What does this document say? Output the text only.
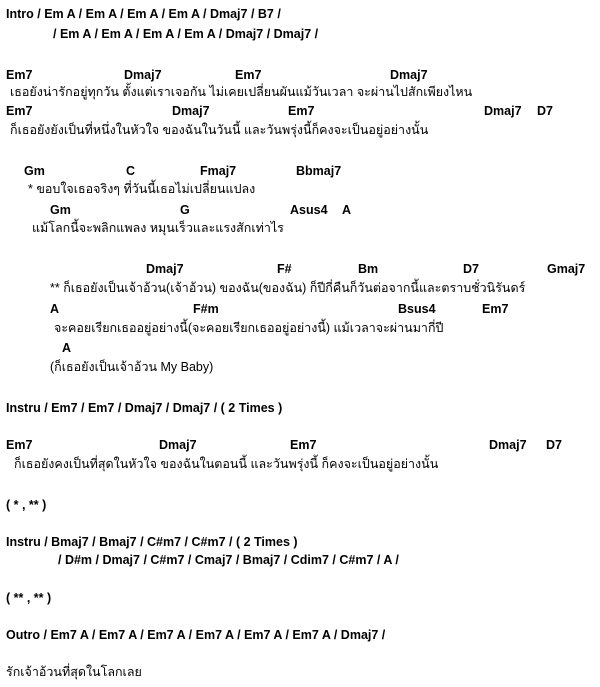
Intro / Em A / Em A / Em A / Em A / Dmaj7 / B7 /
/ Em A / Em A / Em A / Em A / Dmaj7 / Dmaj7 /
Em7	Dmaj7	Em7	Dmaj7
เธอยังน่ารักอยู่ทุกวัน ตั้งแต่เราเจอกัน ไม่เคยเปลี่ยนผันแม้วันเวลา จะผ่านไปสักเพียงไหน
Em7	Dmaj7	Em7	Dmaj7 D7
ก็เธอยังยังเป็นที่หนึ่งในหัวใจ ของฉันในวันนี้ และวันพรุ่งนี้ก็คงจะเป็นอยู่อย่างนั้น
Gm	C	Fmaj7	Bbmaj7
* ขอบใจเธอจริงๆ ที่วันนี้เธอไม่เปลี่ยนแปลง
Gm	G	Asus4 A
แม้โลกนี้จะพลิกแพลง หมุนเร็วและแรงสักเท่าไร
Dmaj7	F#	Bm	D7	Gmaj7
** ก็เธอยังเป็นเจ้าอ้วน(เจ้าอ้วน) ของฉัน(ของฉัน) ก็ปีกี่คืนก็วันต่อจากนี้และตราบชั่วนิรันดร์
A	F#m	Bsus4	Em7
จะคอยเรียกเธออยู่อย่างนี้(จะคอยเรียกเธออยู่อย่างนี้) แม้เวลาจะผ่านมากี่ปี
A
(ก็เธอยังเป็นเจ้าอ้วน My Baby)
Instru / Em7 / Em7 / Dmaj7 / Dmaj7 / ( 2 Times )
Em7	Dmaj7	Em7	Dmaj7 D7
ก็เธอยังคงเป็นที่สุดในหัวใจ ของฉันในตอนนี้ และวันพรุ่งนี้ ก็คงจะเป็นอยู่อย่างนั้น
( * , ** )
Instru / Bmaj7 / Bmaj7 / C#m7 / C#m7 / ( 2 Times )
/ D#m / Dmaj7 / C#m7 / Cmaj7 / Bmaj7 / Cdim7 / C#m7 / A /
( ** , ** )
Outro / Em7 A / Em7 A / Em7 A / Em7 A / Em7 A / Em7 A / Dmaj7 /
รักเจ้าอ้วนที่สุดในโลกเลย
